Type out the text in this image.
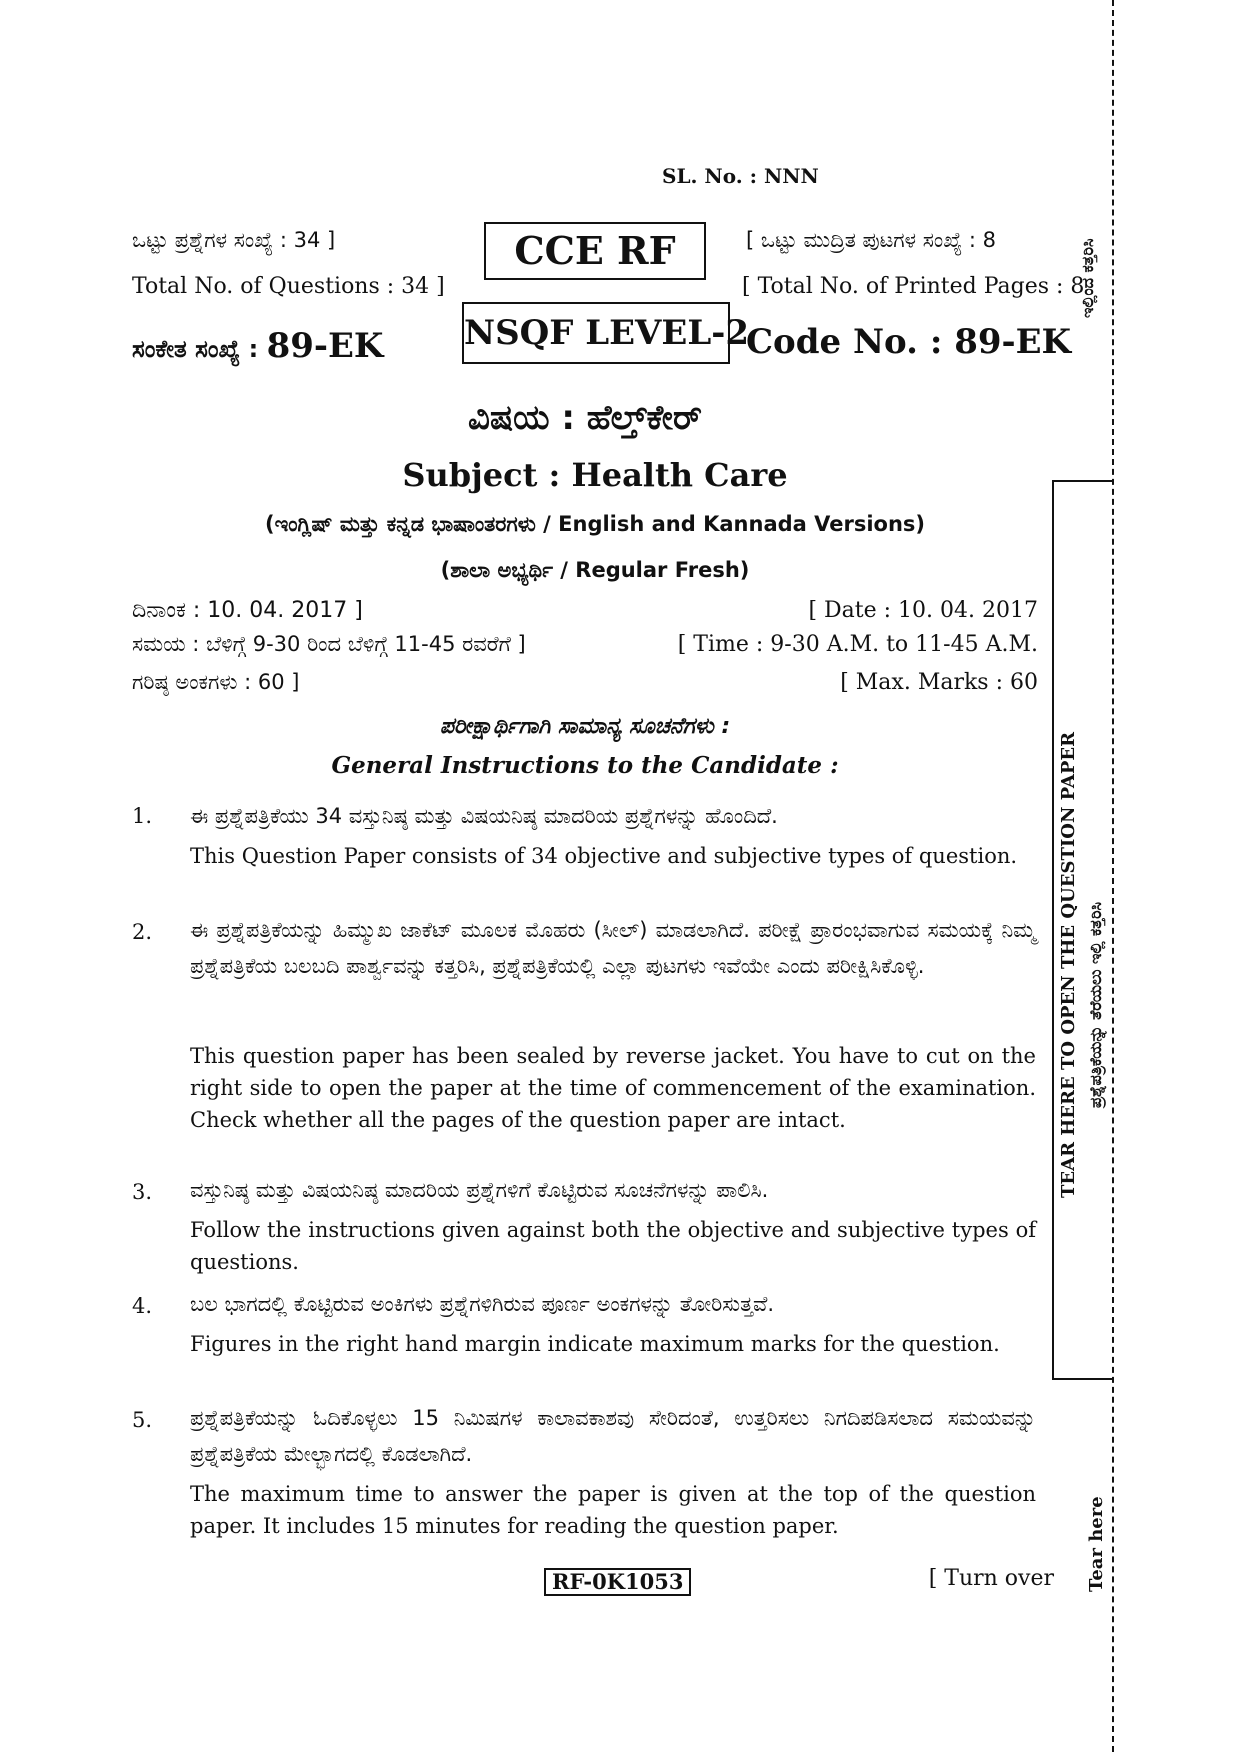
SL. No. : NNN
ಒಟ್ಟು ಪ್ರಶ್ನೆಗಳ ಸಂಖ್ಯೆ : 34 ]
Total No. of Questions : 34 ]
ಸಂಕೇತ ಸಂಖ್ಯೆ : 89-EK
CCE RF
NSQF LEVEL-2
[ ಒಟ್ಟು ಮುದ್ರಿತ ಪುಟಗಳ ಸಂಖ್ಯೆ : 8
[ Total No. of Printed Pages : 8
Code No. : 89-EK
ವಿಷಯ : ಹೆಲ್ತ್‌ಕೇರ್
Subject : Health Care
(ಇಂಗ್ಲಿಷ್ ಮತ್ತು ಕನ್ನಡ ಭಾಷಾಂತರಗಳು / English and Kannada Versions)
(ಶಾಲಾ ಅಭ್ಯರ್ಥಿ / Regular Fresh)
ದಿನಾಂಕ : 10. 04. 2017 ]
ಸಮಯ : ಬೆಳಿಗ್ಗೆ 9-30 ರಿಂದ ಬೆಳಿಗ್ಗೆ 11-45 ರವರೆಗೆ ]
ಗರಿಷ್ಠ ಅಂಕಗಳು : 60 ]
[ Date : 10. 04. 2017
[ Time : 9-30 A.M. to 11-45 A.M.
[ Max. Marks : 60
ಪರೀಕ್ಷಾರ್ಥಿಗಾಗಿ ಸಾಮಾನ್ಯ ಸೂಚನೆಗಳು :
General Instructions to the Candidate :
1. ಈ ಪ್ರಶ್ನೆಪತ್ರಿಕೆಯು 34 ವಸ್ತುನಿಷ್ಠ ಮತ್ತು ವಿಷಯನಿಷ್ಠ ಮಾದರಿಯ ಪ್ರಶ್ನೆಗಳನ್ನು ಹೊಂದಿದೆ.
This Question Paper consists of 34 objective and subjective types of question.
2. ಈ ಪ್ರಶ್ನೆಪತ್ರಿಕೆಯನ್ನು ಹಿಮ್ಮುಖ ಜಾಕೆಟ್ ಮೂಲಕ ಮೊಹರು (ಸೀಲ್) ಮಾಡಲಾಗಿದೆ. ಪರೀಕ್ಷೆ ಪ್ರಾರಂಭವಾಗುವ ಸಮಯಕ್ಕೆ ನಿಮ್ಮ ಪ್ರಶ್ನೆಪತ್ರಿಕೆಯ ಬಲಬದಿ ಪಾರ್ಶ್ವವನ್ನು ಕತ್ತರಿಸಿ, ಪ್ರಶ್ನೆಪತ್ರಿಕೆಯಲ್ಲಿ ಎಲ್ಲಾ ಪುಟಗಳು ಇವೆಯೇ ಎಂದು ಪರೀಕ್ಷಿಸಿಕೊಳ್ಳಿ.
This question paper has been sealed by reverse jacket. You have to cut on the right side to open the paper at the time of commencement of the examination. Check whether all the pages of the question paper are intact.
3. ವಸ್ತುನಿಷ್ಠ ಮತ್ತು ವಿಷಯನಿಷ್ಠ ಮಾದರಿಯ ಪ್ರಶ್ನೆಗಳಿಗೆ ಕೊಟ್ಟಿರುವ ಸೂಚನೆಗಳನ್ನು ಪಾಲಿಸಿ.
Follow the instructions given against both the objective and subjective types of questions.
4. ಬಲ ಭಾಗದಲ್ಲಿ ಕೊಟ್ಟಿರುವ ಅಂಕಿಗಳು ಪ್ರಶ್ನೆಗಳಿಗಿರುವ ಪೂರ್ಣ ಅಂಕಗಳನ್ನು ತೋರಿಸುತ್ತವೆ.
Figures in the right hand margin indicate maximum marks for the question.
5. ಪ್ರಶ್ನೆಪತ್ರಿಕೆಯನ್ನು ಓದಿಕೊಳ್ಳಲು 15 ನಿಮಿಷಗಳ ಕಾಲಾವಕಾಶವು ಸೇರಿದಂತೆ, ಉತ್ತರಿಸಲು ನಿಗದಿಪಡಿಸಲಾದ ಸಮಯವನ್ನು ಪ್ರಶ್ನೆಪತ್ರಿಕೆಯ ಮೇಲ್ಭಾಗದಲ್ಲಿ ಕೊಡಲಾಗಿದೆ.
The maximum time to answer the paper is given at the top of the question paper. It includes 15 minutes for reading the question paper.
RF-0K1053	[ Turn over
TEAR HERE TO OPEN THE QUESTION PAPER ಪ್ರಶ್ನೆಪತ್ರಿಕೆಯನ್ನು ತೆರೆಯಲು ಇಲ್ಲಿ ಕತ್ತರಿಸಿ
ಇಲ್ಲಿಂದ ಕತ್ತರಿಸಿ
Tear here
